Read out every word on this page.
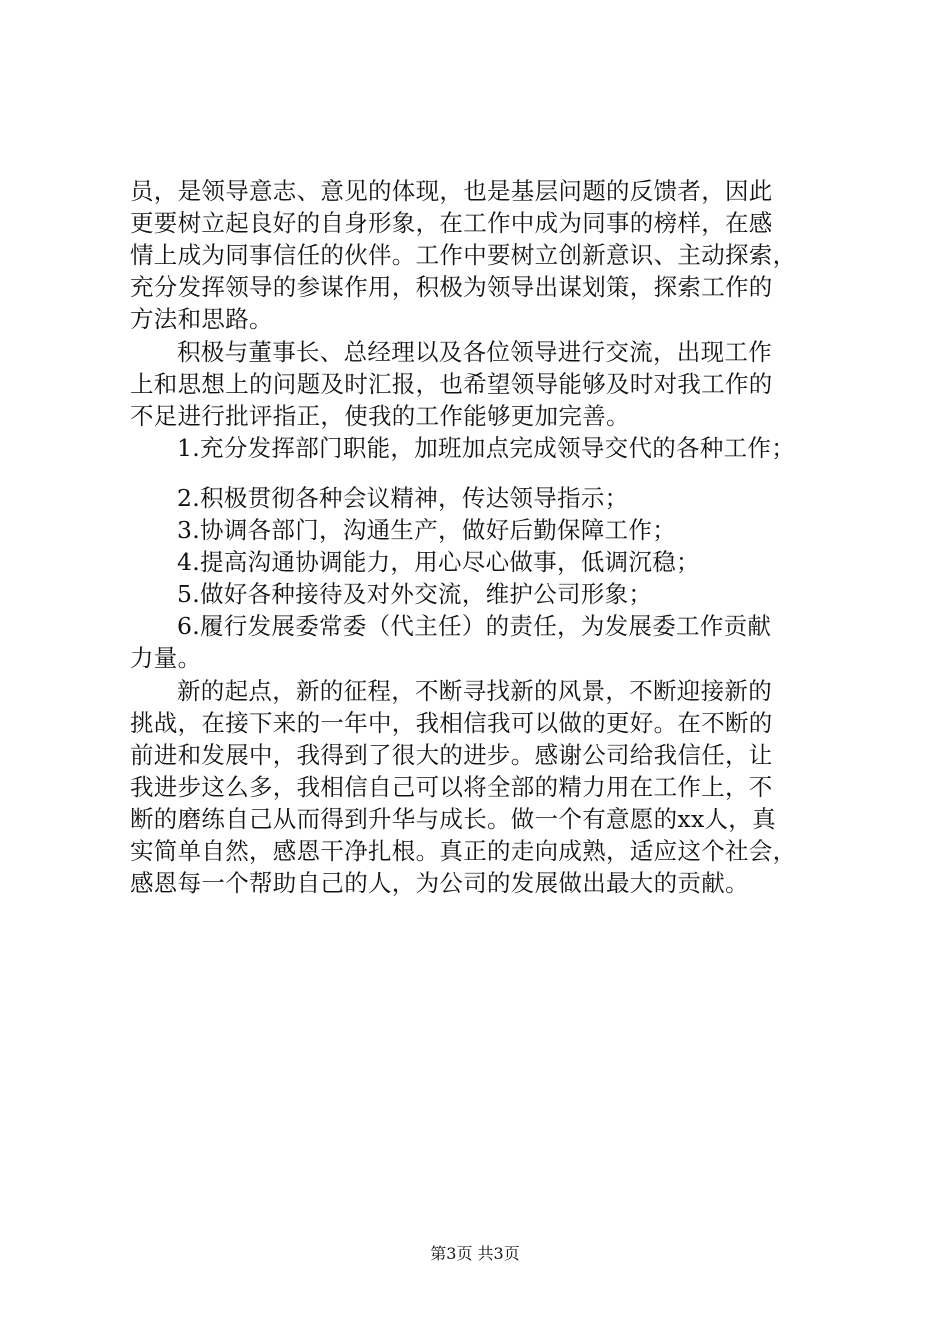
员，是领导意志、意见的体现，也是基层问题的反馈者，因此
更要树立起良好的自身形象，在工作中成为同事的榜样，在感
情上成为同事信任的伙伴。工作中要树立创新意识、主动探索，
充分发挥领导的参谋作用，积极为领导出谋划策，探索工作的
方法和思路。
积极与董事长、总经理以及各位领导进行交流，出现工作
上和思想上的问题及时汇报，也希望领导能够及时对我工作的
不足进行批评指正，使我的工作能够更加完善。
1.充分发挥部门职能，加班加点完成领导交代的各种工作；
2.积极贯彻各种会议精神，传达领导指示；
3.协调各部门，沟通生产，做好后勤保障工作；
4.提高沟通协调能力，用心尽心做事，低调沉稳；
5.做好各种接待及对外交流，维护公司形象；
6.履行发展委常委（代主任）的责任，为发展委工作贡献
力量。
新的起点，新的征程，不断寻找新的风景，不断迎接新的
挑战，在接下来的一年中，我相信我可以做的更好。在不断的
前进和发展中，我得到了很大的进步。感谢公司给我信任，让
我进步这么多，我相信自己可以将全部的精力用在工作上，不
断的磨练自己从而得到升华与成长。做一个有意愿的xx人，真
实简单自然，感恩干净扎根。真正的走向成熟，适应这个社会，
感恩每一个帮助自己的人，为公司的发展做出最大的贡献。
第3页 共3页
